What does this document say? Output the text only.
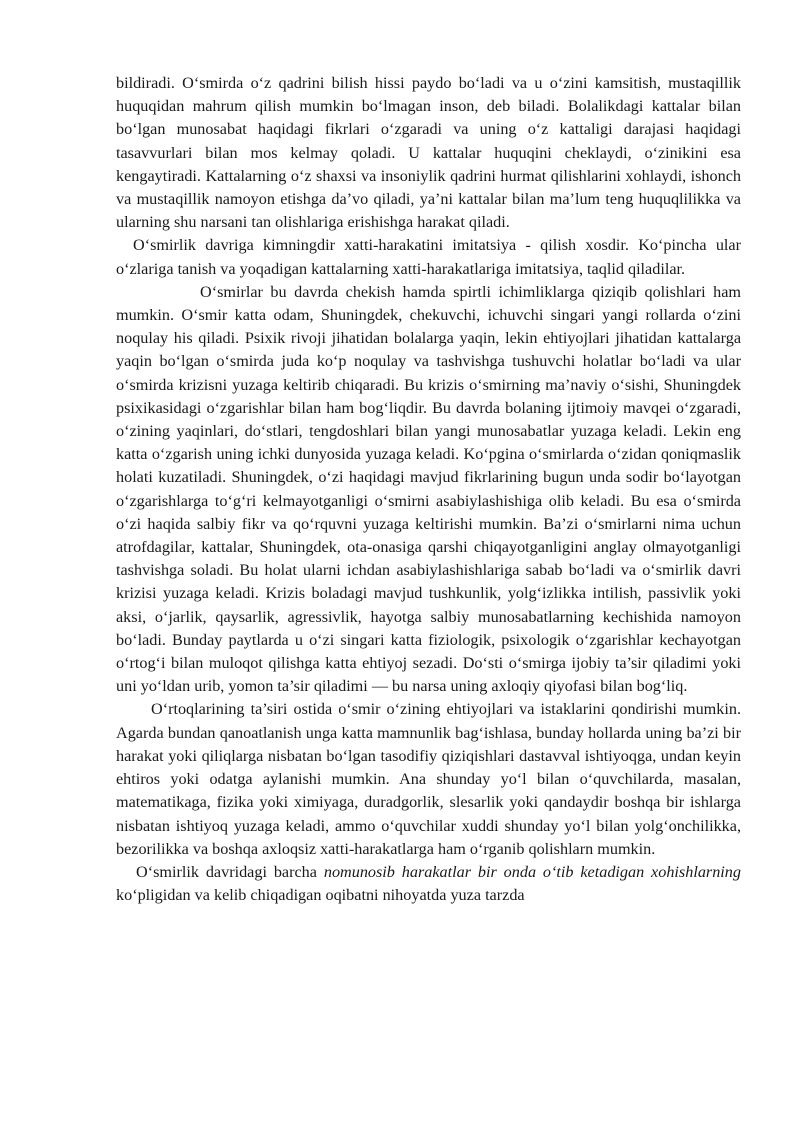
bildiradi. O‘smirda o‘z qadrini bilish hissi paydo bo‘ladi va u o‘zini kamsitish, mustaqillik huquqidan mahrum qilish mumkin bo‘lmagan inson, deb biladi. Bolalikdagi kattalar bilan bo‘lgan munosabat haqidagi fikrlari o‘zgaradi va uning o‘z kattaligi darajasi haqidagi tasavvurlari bilan mos kelmay qoladi. U kattalar huquqini cheklaydi, o‘zinikini esa kengaytiradi. Kattalarning o‘z shaxsi va insoniylik qadrini hurmat qilishlarini xohlaydi, ishonch va mustaqillik namoyon etishga da’vo qiladi, ya’ni kattalar bilan ma’lum teng huquqlilikka va ularning shu narsani tan olishlariga erishishga harakat qiladi.

O‘smirlik davriga kimningdir xatti-harakatini imitatsiya - qilish xosdir. Ko‘pincha ular o‘zlariga tanish va yoqadigan kattalarning xatti-harakatlariga imitatsiya, taqlid qiladilar.

O‘smirlar bu davrda chekish hamda spirtli ichimliklarga qiziqib qolishlari ham mumkin. O‘smir katta odam, Shuningdek, chekuvchi, ichuvchi singari yangi rollarda o‘zini noqulay his qiladi. Psixik rivoji jihatidan bolalarga yaqin, lekin ehtiyojlari jihatidan kattalarga yaqin bo‘lgan o‘smirda juda ko‘p noqulay va tashvishga tushuvchi holatlar bo‘ladi va ular o‘smirda krizisni yuzaga keltirib chiqaradi. Bu krizis o‘smirning ma’naviy o‘sishi, Shuningdek psixikasidagi o‘zgarishlar bilan ham bog‘liqdir. Bu davrda bolaning ijtimoiy mavqei o‘zgaradi, o‘zining yaqinlari, do‘stlari, tengdoshlari bilan yangi munosabatlar yuzaga keladi. Lekin eng katta o‘zgarish uning ichki dunyosida yuzaga keladi. Ko‘pgina o‘smirlarda o‘zidan qoniqmaslik holati kuzatiladi. Shuningdek, o‘zi haqidagi mavjud fikrlarining bugun unda sodir bo‘layotgan o‘zgarishlarga to‘g‘ri kelmayotganligi o‘smirni asabiylashishiga olib keladi. Bu esa o‘smirda o‘zi haqida salbiy fikr va qo‘rquvni yuzaga keltirishi mumkin. Ba’zi o‘smirlarni nima uchun atrofdagilar, kattalar, Shuningdek, ota-onasiga qarshi chiqayotganligini anglay olmayotganligi tashvishga soladi. Bu holat ularni ichdan asabiylashishlariga sabab bo‘ladi va o‘smirlik davri krizisi yuzaga keladi. Krizis boladagi mavjud tushkunlik, yolg‘izlikka intilish, passivlik yoki aksi, o‘jarlik, qaysarlik, agressivlik, hayotga salbiy munosabatlarning kechishida namoyon bo‘ladi. Bunday paytlarda u o‘zi singari katta fiziologik, psixologik o‘zgarishlar kechayotgan o‘rtog‘i bilan muloqot qilishga katta ehtiyoj sezadi. Do‘sti o‘smirga ijobiy ta’sir qiladimi yoki uni yo‘ldan urib, yomon ta’sir qiladimi — bu narsa uning axloqiy qiyofasi bilan bog‘liq.

O‘rtoqlarining ta’siri ostida o‘smir o‘zining ehtiyojlari va istaklarini qondirishi mumkin. Agarda bundan qanoatlanish unga katta mamnunlik bag‘ishlasa, bunday hollarda uning ba’zi bir harakat yoki qiliqlarga nisbatan bo‘lgan tasodifiy qiziqishlari dastavval ishtiyoqga, undan keyin ehtiros yoki odatga aylanishi mumkin. Ana shunday yo‘l bilan o‘quvchilarda, masalan, matematikaga, fizika yoki ximiyaga, duradgorlik, slesarlik yoki qandaydir boshqa bir ishlarga nisbatan ishtiyoq yuzaga keladi, ammo o‘quvchilar xuddi shunday yo‘l bilan yolg‘onchilikka, bezorilikka va boshqa axloqsiz xatti-harakatlarga ham o‘rganib qolishlarn mumkin.

O‘smirlik davridagi barcha nomunosib harakatlar bir onda o‘tib ketadigan xohishlarning ko‘pligidan va kelib chiqadigan oqibatni nihoyatda yuza tarzda
